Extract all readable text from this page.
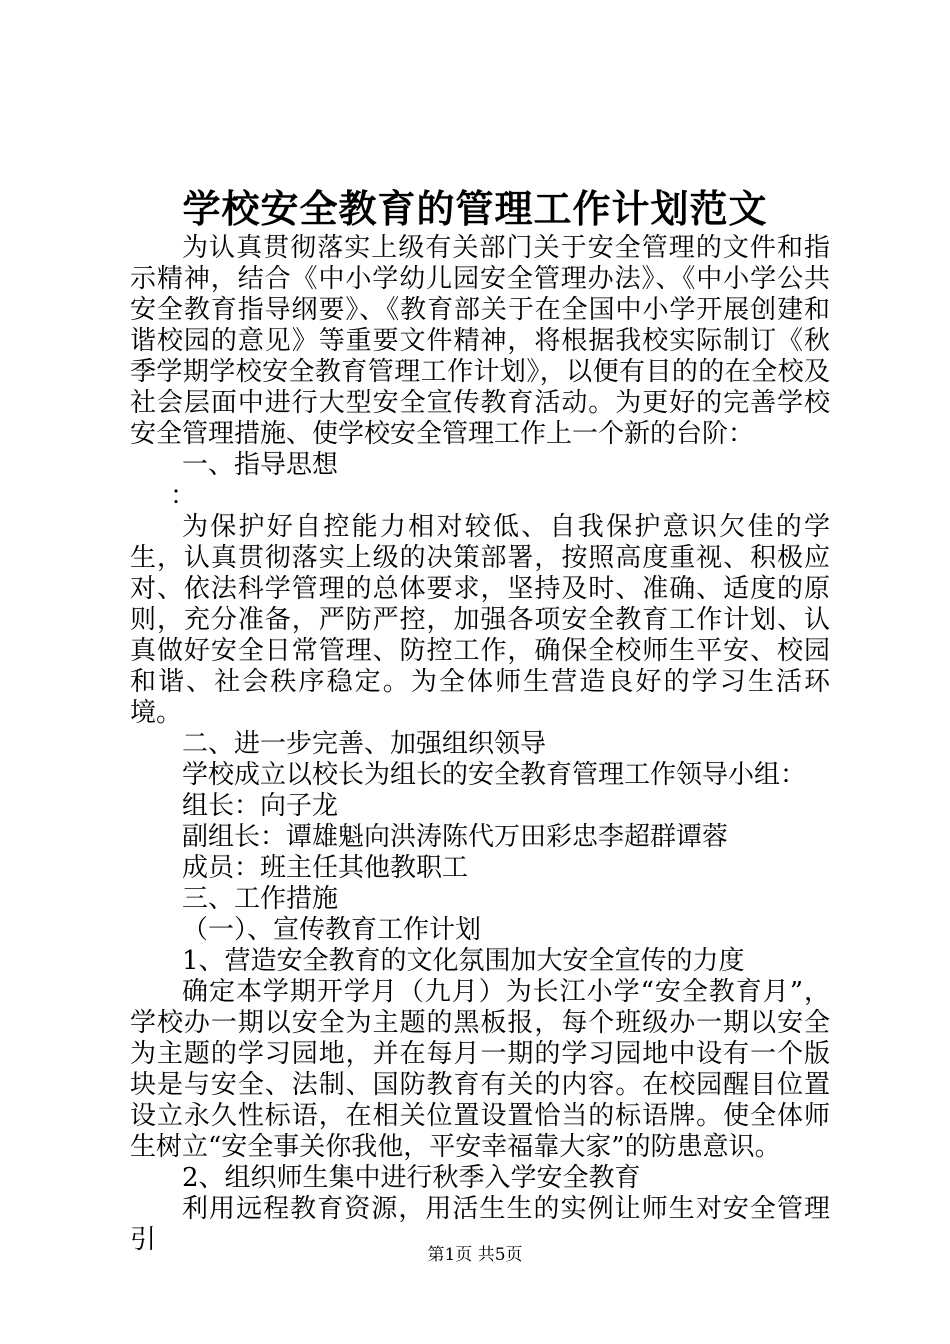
学校安全教育的管理工作计划范文

为认真贯彻落实上级有关部门关于安全管理的文件和指示精神，结合《中小学幼儿园安全管理办法》、《中小学公共安全教育指导纲要》、《教育部关于在全国中小学开展创建和谐校园的意见》等重要文件精神，将根据我校实际制订《秋季学期学校安全教育管理工作计划》，以便有目的的在全校及社会层面中进行大型安全宣传教育活动。为更好的完善学校安全管理措施、使学校安全管理工作上一个新的台阶：

一、指导思想

：

为保护好自控能力相对较低、自我保护意识欠佳的学生，认真贯彻落实上级的决策部署，按照高度重视、积极应对、依法科学管理的总体要求，坚持及时、准确、适度的原则，充分准备，严防严控，加强各项安全教育工作计划、认真做好安全日常管理、防控工作，确保全校师生平安、校园和谐、社会秩序稳定。为全体师生营造良好的学习生活环境。

二、进一步完善、加强组织领导

学校成立以校长为组长的安全教育管理工作领导小组：

组长：向子龙

副组长：谭雄魁向洪涛陈代万田彩忠李超群谭蓉

成员：班主任其他教职工

三、工作措施

（一）、宣传教育工作计划

1、营造安全教育的文化氛围加大安全宣传的力度

确定本学期开学月（九月）为长江小学“安全教育月”，学校办一期以安全为主题的黑板报，每个班级办一期以安全为主题的学习园地，并在每月一期的学习园地中设有一个版块是与安全、法制、国防教育有关的内容。在校园醒目位置设立永久性标语，在相关位置设置恰当的标语牌。使全体师生树立“安全事关你我他，平安幸福靠大家”的防患意识。

2、组织师生集中进行秋季入学安全教育

利用远程教育资源，用活生生的实例让师生对安全管理引	第1页 共5页
